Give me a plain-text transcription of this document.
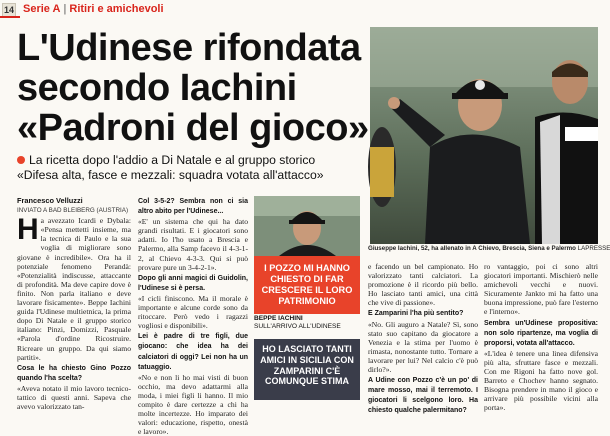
14 Serie A | Ritiri e amichevoli
L'Udinese rifondata
secondo Iachini
«Padroni del gioco»
La ricetta dopo l'addio a Di Natale e al gruppo storico
«Difesa alta, fasce e mezzali: squadra votata all'attacco»
Giuseppe Iachini, 52, ha allenato in A Chievo, Brescia, Siena e Palermo LAPRESSE

Francesco Velluzzi

INVIATO A BAD BLEIBERG (AUSTRIA)

Ha avezzato Icardi e Dybala: «Pensa mettetti insieme, ma la tecnica di Paulo e la sua voglia di migliorare sono giovane è incredibile». Ora ha il potenziale fenomeno Perandà: «Potenzialità indiscusse, attaccante di profondità. Ma deve capire dove è finito. Non parla italiano e deve lavorare fisicamente». Beppe Iachini guida l'Udinese multietnica, la prima dopo Di Natale e il gruppo storico italiano: Pinzi, Domizzi, Pasquale «Parola d'ordine Ricostruire. Ricreare un gruppo. Da qui siamo partiti».

Cosa le ha chiesto Gino Pozzo quando l'ha scelta?

«Aveva notato il mio lavoro tecnico-tattico di questi anni. Sapeva che avevo valorizzato tan-

Col 3-5-2? Sembra non ci sia altro abito per l'Udinese...

«E' un sistema che qui ha dato grandi risultati. E i giocatori sono adatti. Io l'ho usato a Brescia e Palermo, alla Samp facevo il 4-3-1-2, al Chievo 4-3-3. Qui si può provare pure un 3-4-2-1».

Dopo gli anni magici di Guidolin, l'Udinese si è persa.

«I cicli finiscono. Ma il morale è importante e alcune corde sono da ritoccare. Però vedo i ragazzi vogliosi e disponibili».

Lei è padre di tre figli, due giocano: che idea ha dei calciatori di oggi? Lei non ha un tatuaggio.

«No e non li ho mai visti di buon occhio, ma devo adattarmi alla moda, i miei figli li hanno. Il mio compito è dare certezze a chi ha molte incertezze. Ho imparato dei valori: educazione, rispetto, onestà e lavoro».

I POZZO MI HANNO CHIESTO DI FAR CRESCERE IL LORO PATRIMONIO
BEPPE IACHINI
SULL'ARRIVO ALL'UDINESE
HO LASCIATO TANTI AMICI IN SICILIA CON ZAMPARINI C'È COMUNQUE STIMA

e facendo un bel campionato. Ho valorizzato tanti calciatori. La promozione è il ricordo più bello. Ho lasciato tanti amici, una città che vive di passione».

E Zamparini l'ha più sentito?

«No. Gli auguro a Natale? Sì, sono stato suo capitano da giocatore a Venezia e la stima per l'uomo è rimasta, nonostante tutto. Tornare a lavorare per lui? Nel calcio c'è può dirlo?».

A Udine con Pozzo c'è un po' di mare mosso, mai il terremoto. I giocatori li scelgono loro. Ha chiesto qualche palermitano?

ro vantaggio, poi ci sono altri giocatori importanti. Mischierò nelle amichevoli vecchi e nuovi. Sicuramente Jankto mi ha fatto una buona impressione, può fare l'esterno e l'interno».

Sembra un'Udinese propositiva: non solo ripartenze, ma voglia di proporsi, votata all'attacco.

«L'idea è tenere una linea difensiva più alta, sfruttare fasce e mezzali. Con me Rigoni ha fatto nove gol. Barreto e Chochev hanno segnato. Bisogna prendere in mano il gioco e arrivare più possibile vicini alla porta».
